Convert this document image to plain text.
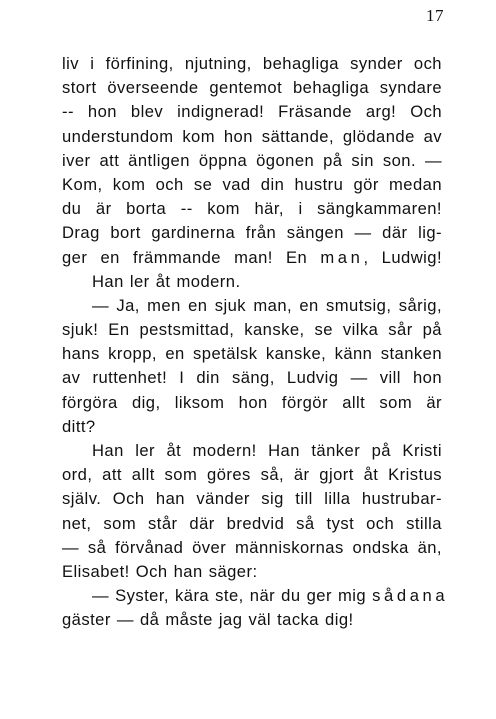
17
liv i förfining, njutning, behagliga synder och
stort överseende gentemot behagliga syndare
-- hon blev indignerad! Fräsande arg! Och
understundom kom hon sättande, glödande av
iver att äntligen öppna ögonen på sin son. —
Kom, kom och se vad din hustru gör medan
du är borta -- kom här, i sängkammaren!
Drag bort gardinerna från sängen — där lig-
ger en främmande man! En man, Ludwig!
Han ler åt modern.
— Ja, men en sjuk man, en smutsig, sårig,
sjuk! En pestsmittad, kanske, se vilka sår på
hans kropp, en spetälsk kanske, känn stanken
av ruttenhet! I din säng, Ludvig — vill hon
förgöra dig, liksom hon förgör allt som är
ditt?
Han ler åt modern! Han tänker på Kristi
ord, att allt som göres så, är gjort åt Kristus
själv. Och han vänder sig till lilla hustrubar-
net, som står där bredvid så tyst och stilla
— så förvånad över människornas ondska än,
Elisabet! Och han säger:
— Syster, kära ste, när du ger mig sådana
gäster — då måste jag väl tacka dig!
